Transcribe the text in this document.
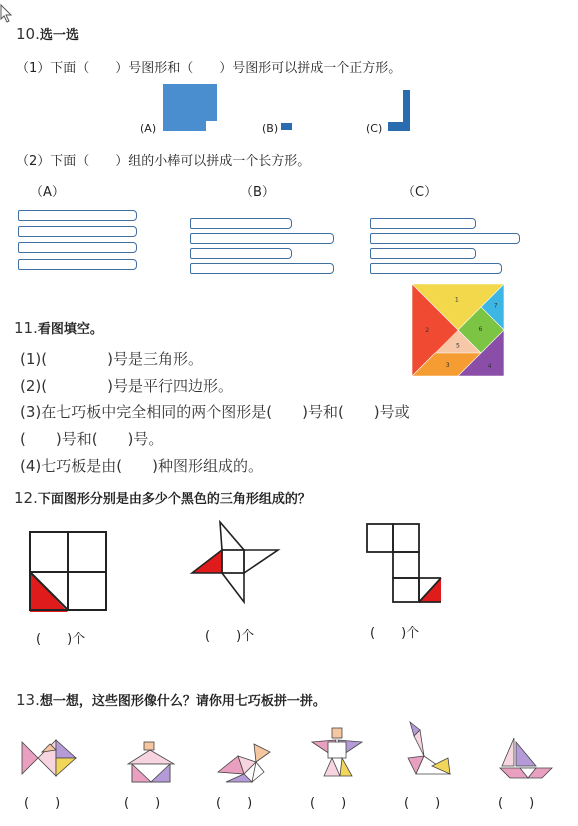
10.选一选
（1）下面（　　）号图形和（　　）号图形可以拼成一个正方形。
(A)	(B)	(C)
（2）下面（　　）组的小棒可以拼成一个长方形。
（A）	（B）	（C）
11.看图填空。
(1)(　　　　)号是三角形。
(2)(　　　　)号是平行四边形。
(3)在七巧板中完全相同的两个图形是(　　)号和(　　)号或
(　　)号和(　　)号。
(4)七巧板是由(　　)种图形组成的。
1
2
3	4
5
6
7
12.下面图形分别是由多少个黑色的三角形组成的？
(　　)个	(　　)个	(　　)个
13.想一想，这些图形像什么？请你用七巧板拼一拼。
(　　)	(　　)	(　　)	(　　)	(　　)	(　　)
